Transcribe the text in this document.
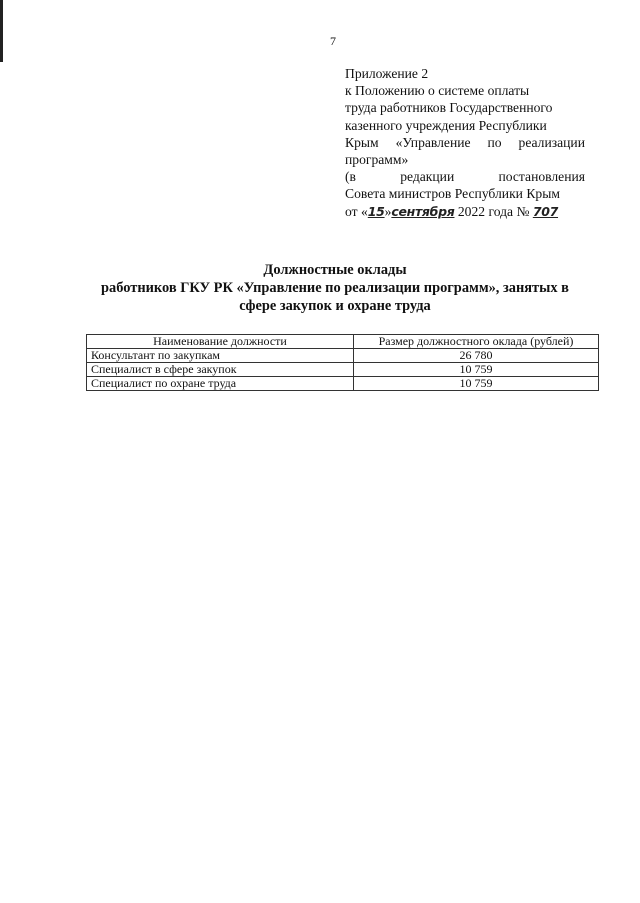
7
Приложение 2
к Положению о системе оплаты
труда работников Государственного
казенного учреждения Республики
Крым «Управление по реализации
программ»
(в	редакции	постановления
Совета министров Республики Крым
от «15»сентября 2022 года № 707
Должностные оклады
работников ГКУ РК «Управление по реализации программ», занятых в
сфере закупок и охране труда
Наименование должности	Размер должностного оклада (рублей)
Консультант по закупкам	26 780
Специалист в сфере закупок	10 759
Специалист по охране труда	10 759
